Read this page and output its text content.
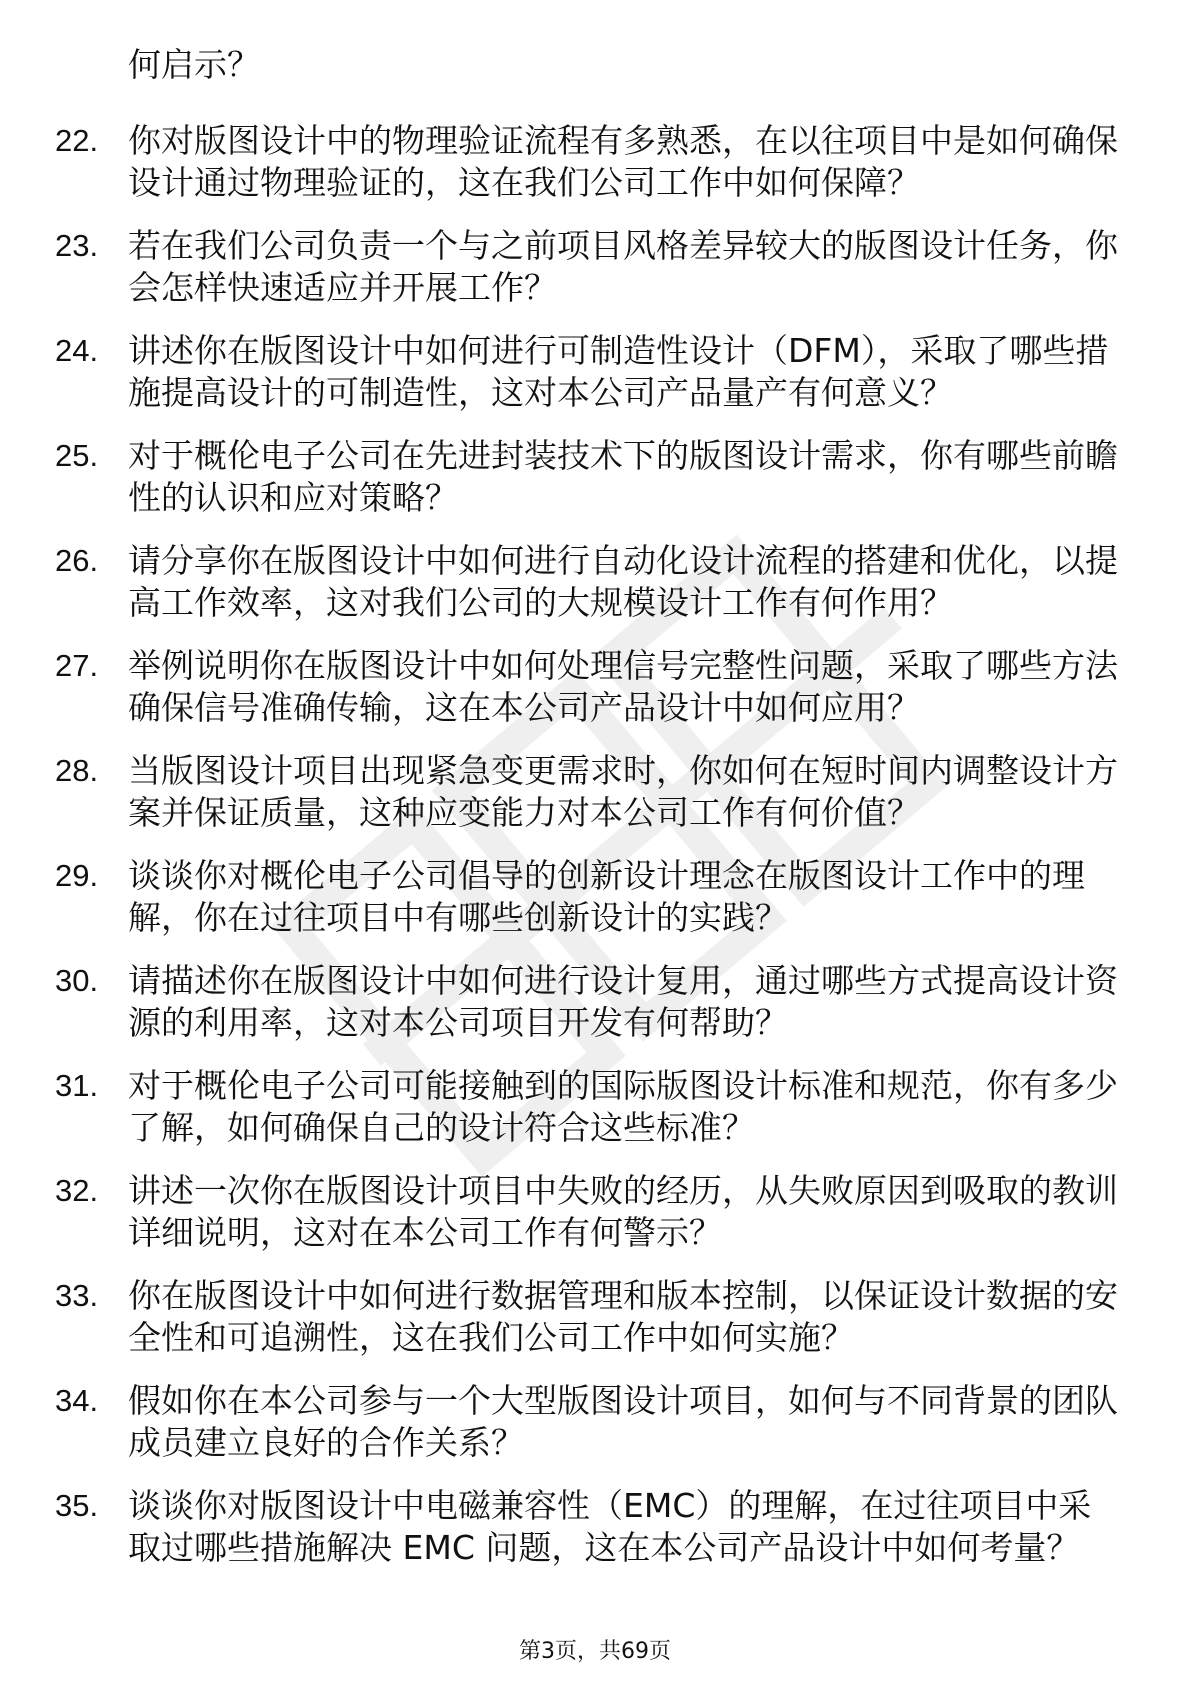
何启示？

22. 你对版图设计中的物理验证流程有多熟悉，在以往项目中是如何确保设计通过物理验证的，这在我们公司工作中如何保障？
23. 若在我们公司负责一个与之前项目风格差异较大的版图设计任务，你会怎样快速适应并开展工作？
24. 讲述你在版图设计中如何进行可制造性设计（DFM），采取了哪些措施提高设计的可制造性，这对本公司产品量产有何意义？
25. 对于概伦电子公司在先进封装技术下的版图设计需求，你有哪些前瞻性的认识和应对策略？
26. 请分享你在版图设计中如何进行自动化设计流程的搭建和优化，以提高工作效率，这对我们公司的大规模设计工作有何作用？
27. 举例说明你在版图设计中如何处理信号完整性问题，采取了哪些方法确保信号准确传输，这在本公司产品设计中如何应用？
28. 当版图设计项目出现紧急变更需求时，你如何在短时间内调整设计方案并保证质量，这种应变能力对本公司工作有何价值？
29. 谈谈你对概伦电子公司倡导的创新设计理念在版图设计工作中的理解，你在过往项目中有哪些创新设计的实践？
30. 请描述你在版图设计中如何进行设计复用，通过哪些方式提高设计资源的利用率，这对本公司项目开发有何帮助？
31. 对于概伦电子公司可能接触到的国际版图设计标准和规范，你有多少了解，如何确保自己的设计符合这些标准？
32. 讲述一次你在版图设计项目中失败的经历，从失败原因到吸取的教训详细说明，这对在本公司工作有何警示？
33. 你在版图设计中如何进行数据管理和版本控制，以保证设计数据的安全性和可追溯性，这在我们公司工作中如何实施？
34. 假如你在本公司参与一个大型版图设计项目，如何与不同背景的团队成员建立良好的合作关系？
35. 谈谈你对版图设计中电磁兼容性（EMC）的理解，在过往项目中采取过哪些措施解决 EMC 问题，这在本公司产品设计中如何考量？
第3页，共69页
